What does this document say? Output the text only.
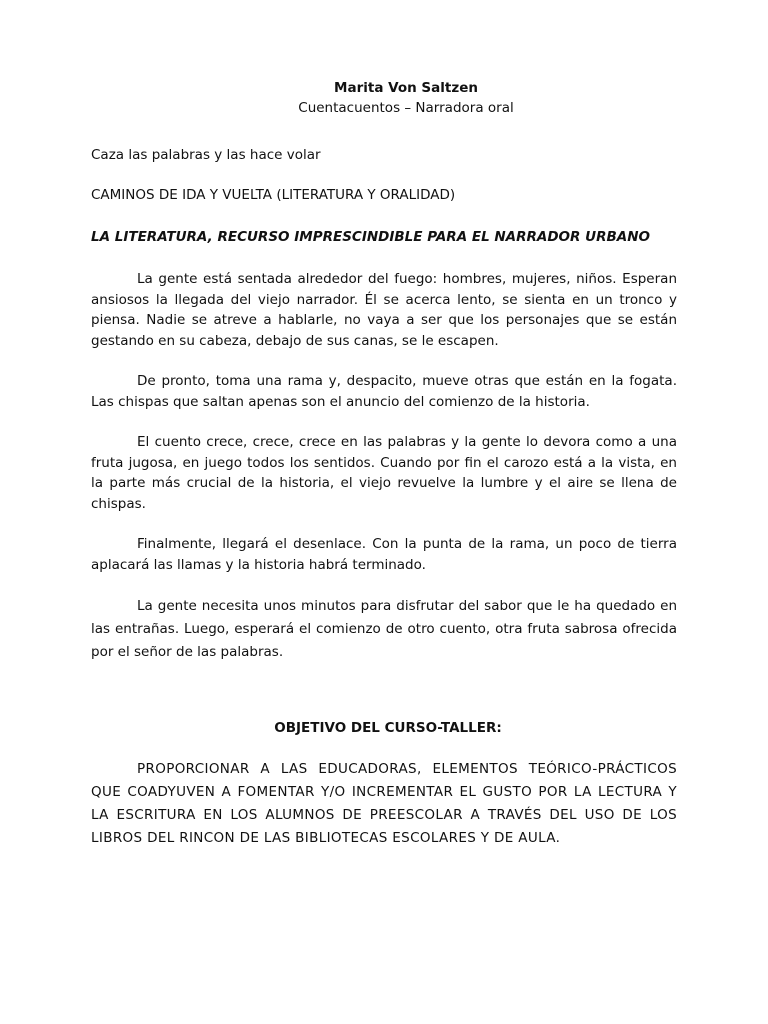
Marita Von Saltzen

Cuentacuentos – Narradora oral

Caza las palabras y las hace volar

CAMINOS DE IDA Y VUELTA (LITERATURA Y ORALIDAD)

LA LITERATURA, RECURSO IMPRESCINDIBLE PARA EL NARRADOR URBANO

La gente está sentada alrededor del fuego: hombres, mujeres, niños. Esperan ansiosos la llegada del viejo narrador. Él se acerca lento, se sienta en un tronco y piensa. Nadie se atreve a hablarle, no vaya a ser que los personajes que se están gestando en su cabeza, debajo de sus canas, se le escapen.

De pronto, toma una rama y, despacito, mueve otras que están en la fogata. Las chispas que saltan apenas son el anuncio del comienzo de la historia.

El cuento crece, crece, crece en las palabras y la gente lo devora como a una fruta jugosa, en juego todos los sentidos. Cuando por fin el carozo está a la vista, en la parte más crucial de la historia, el viejo revuelve la lumbre y el aire se llena de chispas.

Finalmente, llegará el desenlace. Con la punta de la rama, un poco de tierra aplacará las llamas y la historia habrá terminado.

La gente necesita unos minutos para disfrutar del sabor que le ha quedado en las entrañas. Luego, esperará el comienzo de otro cuento, otra fruta sabrosa ofrecida por el señor de las palabras.

OBJETIVO DEL CURSO-TALLER:

PROPORCIONAR A LAS EDUCADORAS, ELEMENTOS TEÓRICO-PRÁCTICOS QUE COADYUVEN A FOMENTAR Y/O INCREMENTAR EL GUSTO POR LA LECTURA Y LA ESCRITURA EN LOS ALUMNOS DE PREESCOLAR A TRAVÉS DEL USO DE LOS LIBROS DEL RINCON DE LAS BIBLIOTECAS ESCOLARES Y DE AULA.
